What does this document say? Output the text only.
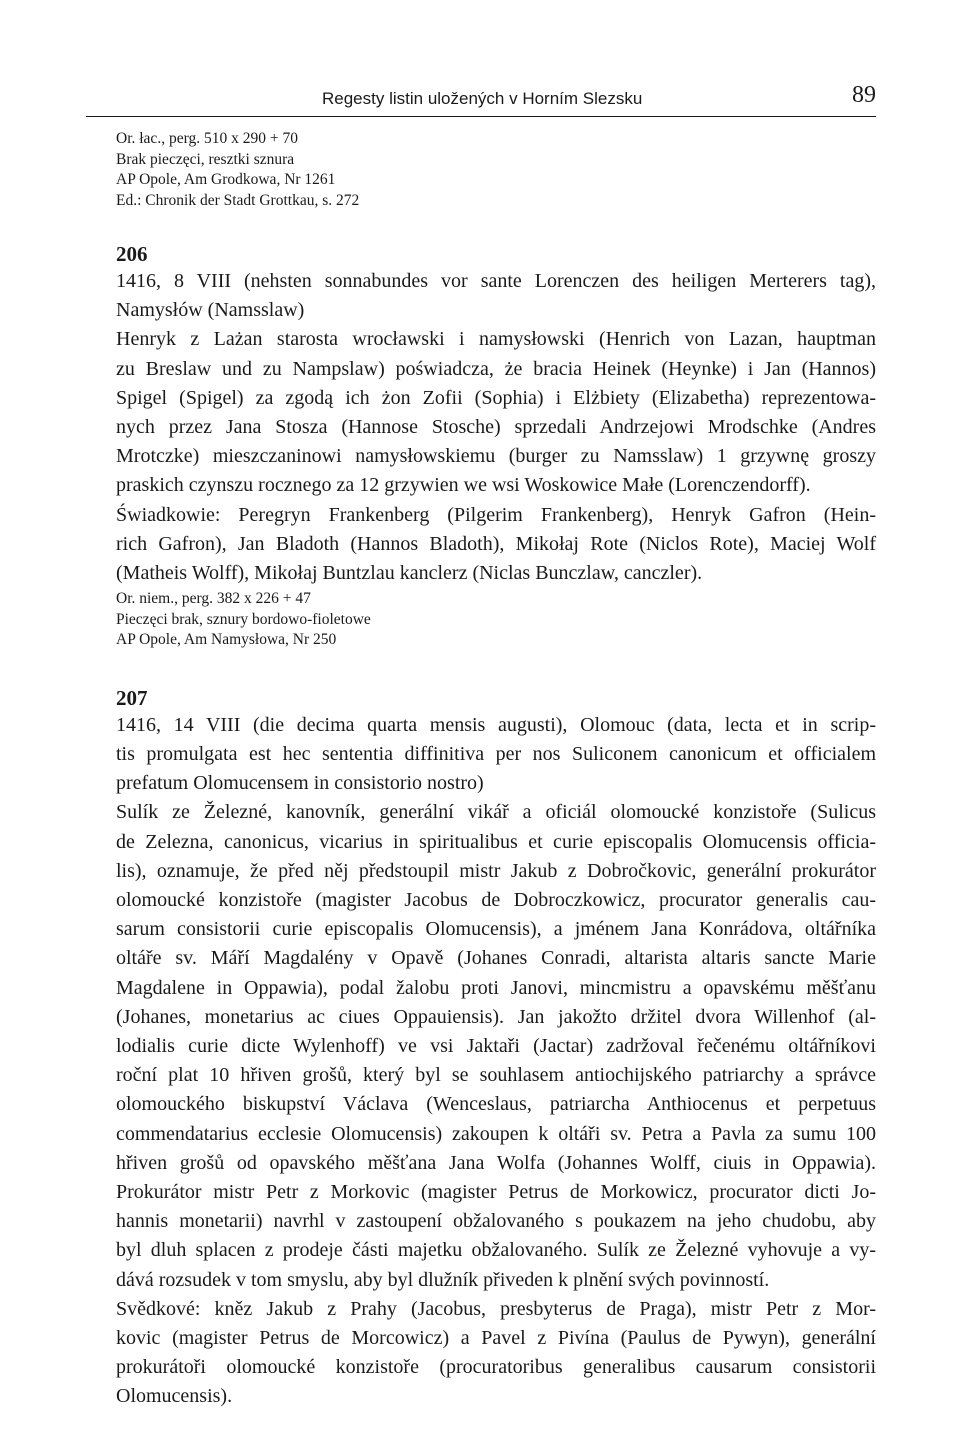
Regesty listin uložených v Horním Slezsku	89
Or. łac., perg. 510 x 290 + 70
Brak pieczęci, resztki sznura
AP Opole, Am Grodkowa, Nr 1261
Ed.: Chronik der Stadt Grottkau, s. 272
206

1416, 8 VIII (nehsten sonnabundes vor sante Lorenczen des heiligen Merterers tag),
Namysłów (Namsslaw)

Henryk z Lażan starosta wrocławski i namysłowski (Henrich von Lazan, hauptman
zu Breslaw und zu Nampslaw) poświadcza, że bracia Heinek (Heynke) i Jan (Hannos)
Spigel (Spigel) za zgodą ich żon Zofii (Sophia) i Elżbiety (Elizabetha) reprezentowa-
nych przez Jana Stosza (Hannose Stosche) sprzedali Andrzejowi Mrodschke (Andres
Mrotczke) mieszczaninowi namysłowskiemu (burger zu Namsslaw) 1 grzywnę groszy
praskich czynszu rocznego za 12 grzywien we wsi Woskowice Małe (Lorenczendorff).

Świadkowie: Peregryn Frankenberg (Pilgerim Frankenberg), Henryk Gafron (Hein-
rich Gafron), Jan Bladoth (Hannos Bladoth), Mikołaj Rote (Niclos Rote), Maciej Wolf
(Matheis Wolff), Mikołaj Buntzlau kanclerz (Niclas Bunczlaw, canczler).

Or. niem., perg. 382 x 226 + 47
Pieczęci brak, sznury bordowo-fioletowe
AP Opole, Am Namysłowa, Nr 250
207

1416, 14 VIII (die decima quarta mensis augusti), Olomouc (data, lecta et in scrip-
tis promulgata est hec sententia diffinitiva per nos Suliconem canonicum et officialem
prefatum Olomucensem in consistorio nostro)

Sulík ze Železné, kanovník, generální vikář a oficiál olomoucké konzistoře (Sulicus
de Zelezna, canonicus, vicarius in spiritualibus et curie episcopalis Olomucensis officia-
lis), oznamuje, že před něj předstoupil mistr Jakub z Dobročkovic, generální prokurátor
olomoucké konzistoře (magister Jacobus de Dobroczkowicz, procurator generalis cau-
sarum consistorii curie episcopalis Olomucensis), a jménem Jana Konrádova, oltářníka
oltáře sv. Máří Magdalény v Opavě (Johanes Conradi, altarista altaris sancte Marie
Magdalene in Oppawia), podal žalobu proti Janovi, mincmistru a opavskému měšťanu
(Johanes, monetarius ac ciues Oppauiensis). Jan jakožto držitel dvora Willenhof (al-
lodialis curie dicte Wylenhoff) ve vsi Jaktaři (Jactar) zadržoval řečenému oltářníkovi
roční plat 10 hřiven grošů, který byl se souhlasem antiochijského patriarchy a správce
olomouckého biskupství Václava (Wenceslaus, patriarcha Anthiocenus et perpetuus
commendatarius ecclesie Olomucensis) zakoupen k oltáři sv. Petra a Pavla za sumu 100
hřiven grošů od opavského měšťana Jana Wolfa (Johannes Wolff, ciuis in Oppawia).
Prokurátor mistr Petr z Morkovic (magister Petrus de Morkowicz, procurator dicti Jo-
hannis monetarii) navrhl v zastoupení obžalovaného s poukazem na jeho chudobu, aby
byl dluh splacen z prodeje části majetku obžalovaného. Sulík ze Železné vyhovuje a vy-
dává rozsudek v tom smyslu, aby byl dlužník přiveden k plnění svých povinností.

Svědkové: kněz Jakub z Prahy (Jacobus, presbyterus de Praga), mistr Petr z Mor-
kovic (magister Petrus de Morcowicz) a Pavel z Pivína (Paulus de Pywyn), generální
prokurátoři olomoucké konzistoře (procuratoribus generalibus causarum consistorii
Olomucensis).
